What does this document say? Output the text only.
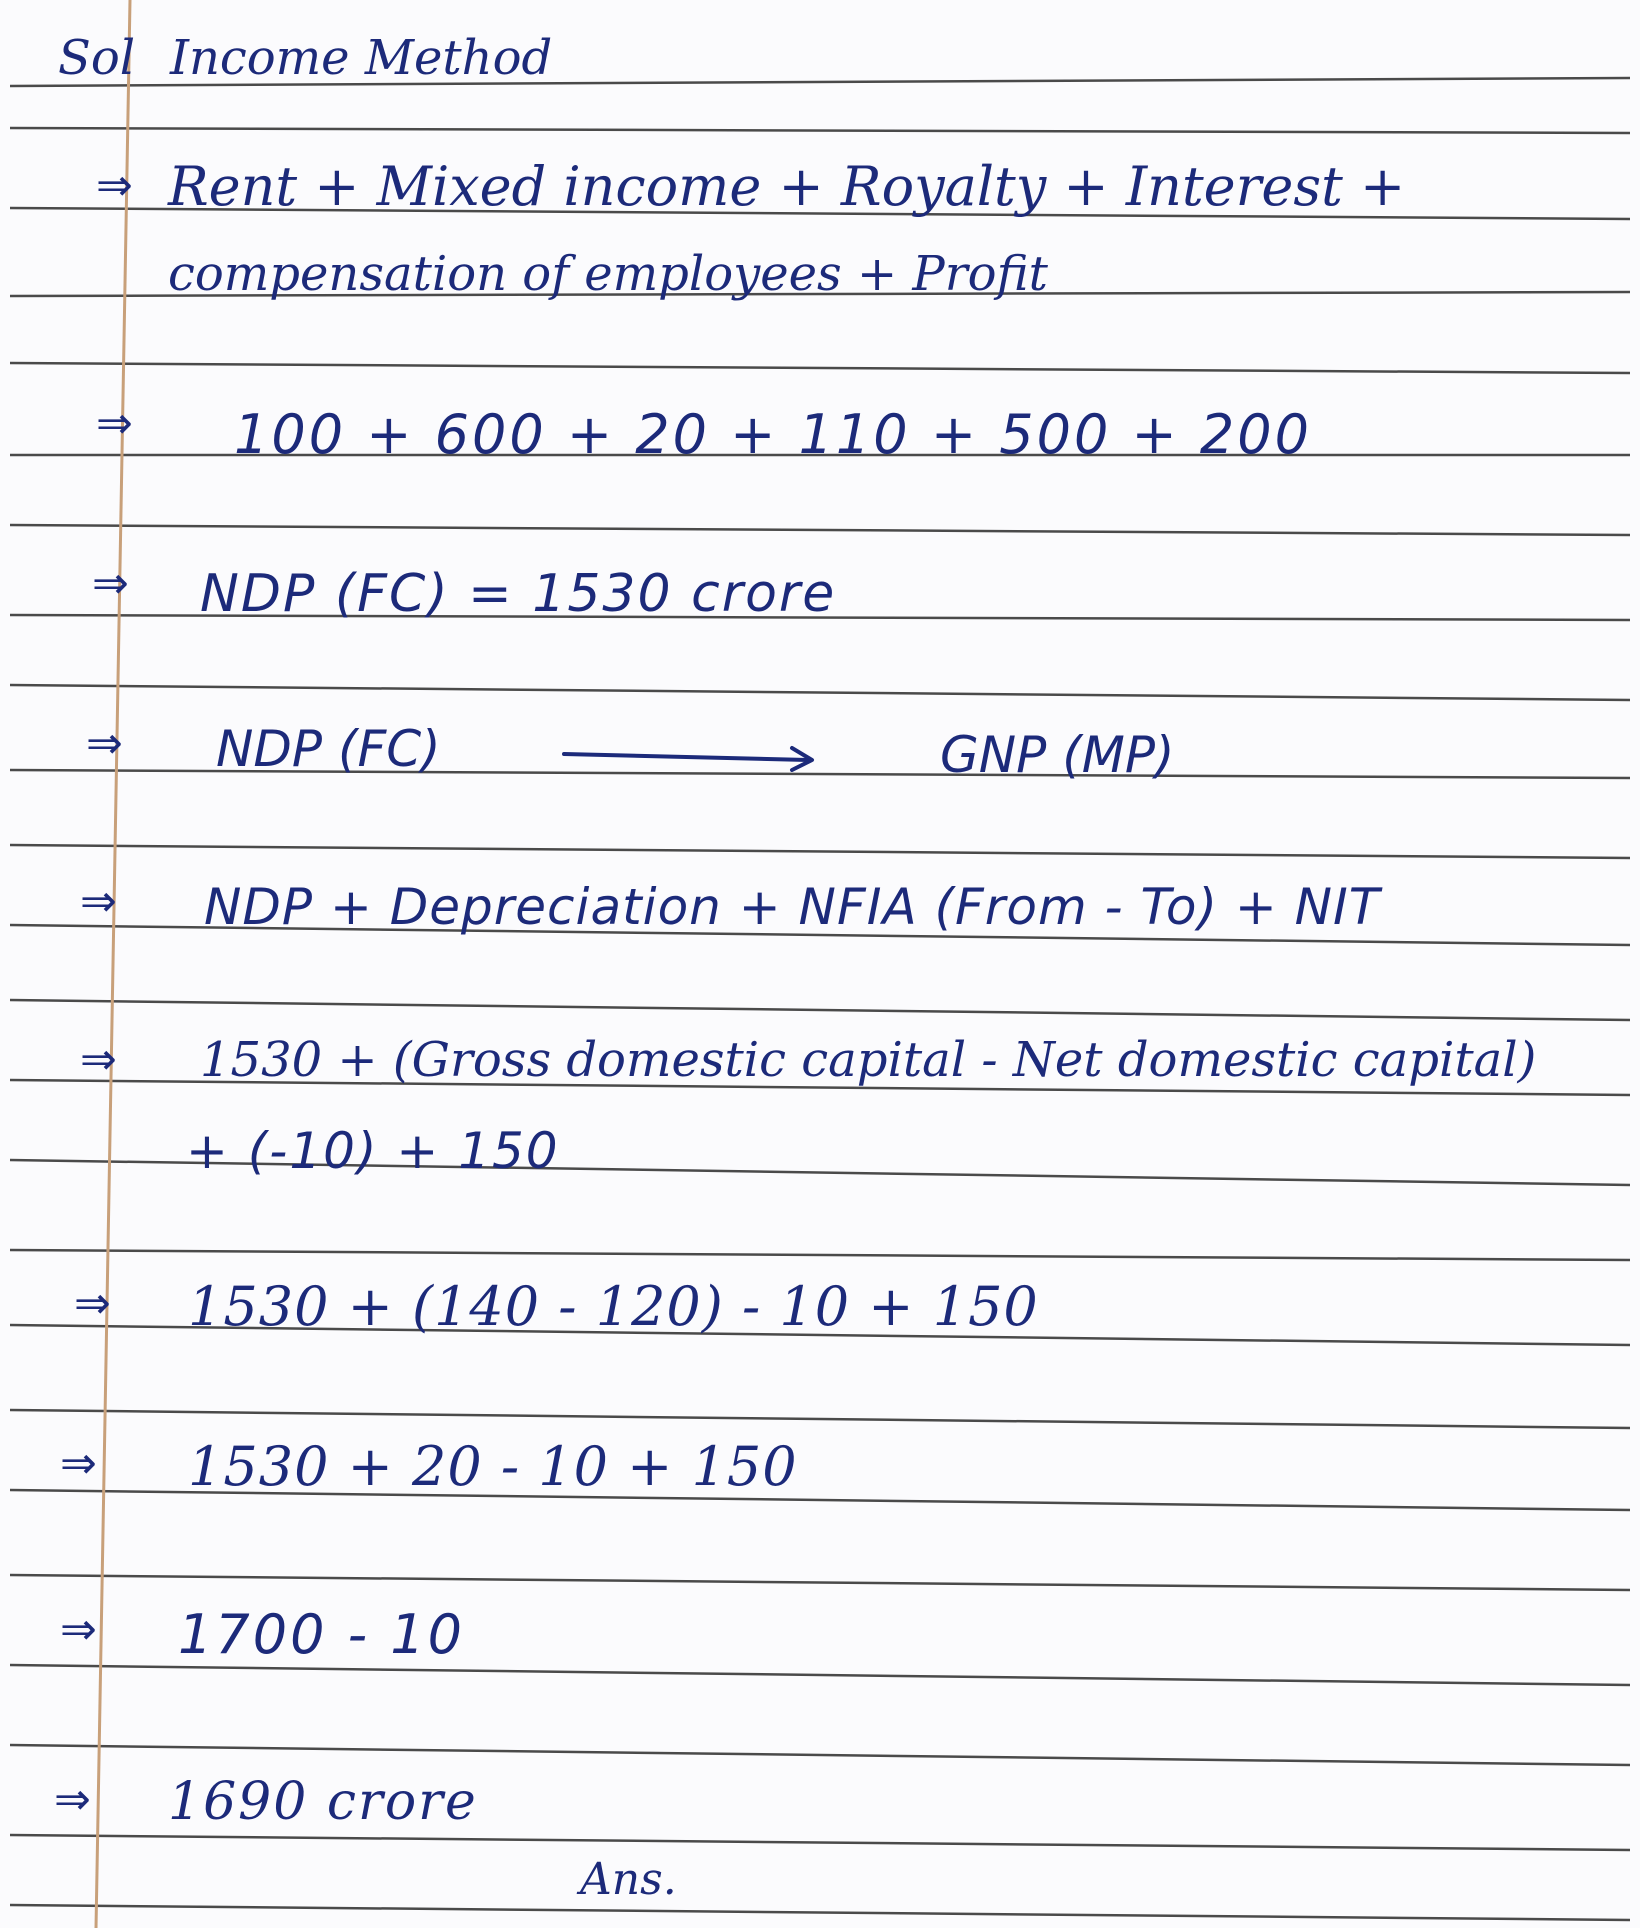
Sol Income Method
⇒ Rent + Mixed income + Royalty + Interest +
compensation of employees + Profit
⇒ 100 + 600 + 20 + 110 + 500 + 200
⇒ NDP (FC) = 1530 crore
⇒ NDP (FC)	GNP (MP)
⇒ NDP + Depreciation + NFIA (From - To) + NIT
⇒ 1530 + (Gross domestic capital - Net domestic capital)
+ (-10) + 150
⇒ 1530 + (140 - 120) - 10 + 150
⇒ 1530 + 20 - 10 + 150
⇒ 1700 - 10
⇒ 1690 crore
Ans.
